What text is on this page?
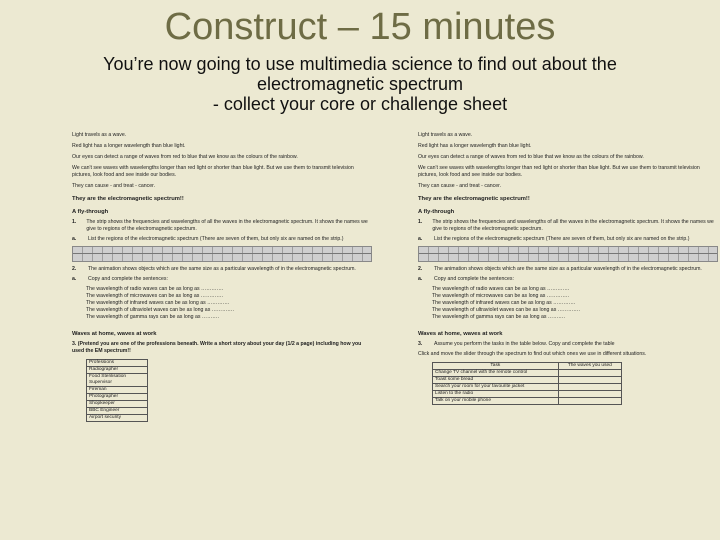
Construct – 15 minutes
You’re now going to use multimedia science to find out about the
electromagnetic spectrum
- collect your core or challenge sheet

Light travels as a wave.

Red light has a longer wavelength than blue light.

Our eyes can detect a range of waves from red to blue that we know as the colours of the rainbow.

We can't see waves with wavelengths longer than red light or shorter than blue light. But we use them to transmit television pictures, look food and see inside our bodies.

They can cause - and treat - cancer.

They are the electromagnetic spectrum!!
A fly-through
1. The strip shows the frequencies and wavelengths of all the waves in the electromagnetic spectrum. It shows the names we give to regions of the electromagnetic spectrum.
a.	List the regions of the electromagnetic spectrum (There are seven of them, but only six are named on the strip.)
2.	The animation shows objects which are the same size as a particular wavelength of in the electromagnetic spectrum.
a.	Copy and complete the sentences:
The wavelength of radio waves can be as long as ………….
The wavelength of microwaves can be as long as ………….
The wavelength of infrared waves can be as long as ………….
The wavelength of ultraviolet waves can be as long as ………….
The wavelength of gamma rays can be as long as ……….
Waves at home, waves at work

3. (Pretend you are one of the professions beneath. Write a short story about your day (1/2 a page) including how you used the EM spectrum!!

Professions
Radiographer
Food Sterilisation Supervisor
Fireman
Photographer
Shopkeeper
BBC Engineer
Airport security

Light travels as a wave.

Red light has a longer wavelength than blue light.

Our eyes can detect a range of waves from red to blue that we know as the colours of the rainbow.

We can't see waves with wavelengths longer than red light or shorter than blue light. But we use them to transmit television pictures, look food and see inside our bodies.

They can cause - and treat - cancer.

They are the electromagnetic spectrum!!
A fly-through
1. The strip shows the frequencies and wavelengths of all the waves in the electromagnetic spectrum. It shows the names we give to regions of the electromagnetic spectrum.
a.	List the regions of the electromagnetic spectrum (There are seven of them, but only six are named on the strip.)
2.	The animation shows objects which are the same size as a particular wavelength of in the electromagnetic spectrum.
a.	Copy and complete the sentences:
The wavelength of radio waves can be as long as ………….
The wavelength of microwaves can be as long as ………….
The wavelength of infrared waves can be as long as ………….
The wavelength of ultraviolet waves can be as long as ………….
The wavelength of gamma rays can be as long as ……….
Waves at home, waves at work
3.	Assume you perform the tasks in the table below. Copy and complete the table

Click and move the slider through the spectrum to find out which ones we use in different situations.

Task	The waves you used
Change TV channel with the remote control	
Toast some bread	
Search your room for your favourite jacket	
Listen to the radio	
Talk on your mobile phone	
